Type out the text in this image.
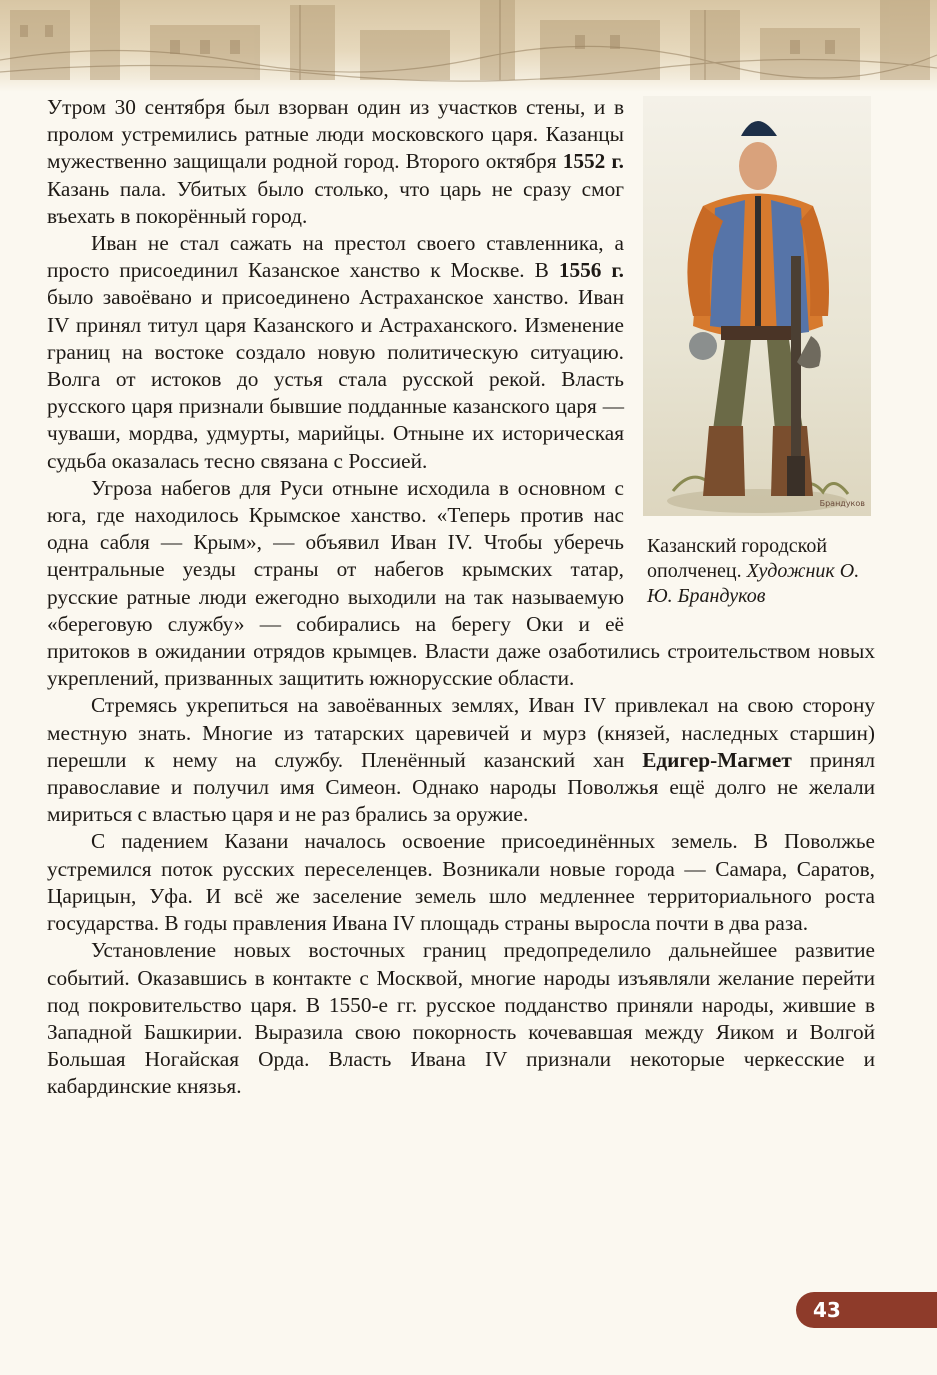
Брандуков
Казанский городской ополченец. Художник О. Ю. Брандуков

Утром 30 сентября был взорван один из участков стены, и в пролом устремились ратные люди московского царя. Казанцы мужественно защищали родной город. Второго октября 1552 г. Казань пала. Убитых было столько, что царь не сразу смог въехать в покорённый город.

Иван не стал сажать на престол своего ставленника, а просто присоединил Казанское ханство к Москве. В 1556 г. было завоёвано и присоединено Астраханское ханство. Иван IV принял титул царя Казанского и Астраханского. Изменение границ на востоке создало новую политическую ситуацию. Волга от истоков до устья стала русской рекой. Власть русского царя признали бывшие подданные казанского царя — чуваши, мордва, удмурты, марийцы. Отныне их историческая судьба оказалась тесно связана с Россией.

Угроза набегов для Руси отныне исходила в основном с юга, где находилось Крымское ханство. «Теперь против нас одна сабля — Крым», — объявил Иван IV. Чтобы уберечь центральные уезды страны от набегов крымских татар, русские ратные люди ежегодно выходили на так называемую «береговую службу» — собирались на берегу Оки и её притоков в ожидании отрядов крымцев. Власти даже озаботились строительством новых укреплений, призванных защитить южнорусские области.

Стремясь укрепиться на завоёванных землях, Иван IV привлекал на свою сторону местную знать. Многие из татарских царевичей и мурз (князей, наследных старшин) перешли к нему на службу. Пленённый казанский хан Едигер-Магмет принял православие и получил имя Симеон. Однако народы Поволжья ещё долго не желали мириться с властью царя и не раз брались за оружие.

С падением Казани началось освоение присоединённых земель. В Поволжье устремился поток русских переселенцев. Возникали новые города — Самара, Саратов, Царицын, Уфа. И всё же заселение земель шло медленнее территориального роста государства. В годы правления Ивана IV площадь страны выросла почти в два раза.

Установление новых восточных границ предопределило дальнейшее развитие событий. Оказавшись в контакте с Москвой, многие народы изъявляли желание перейти под покровительство царя. В 1550-е гг. русское подданство приняли народы, жившие в Западной Башкирии. Выразила свою покорность кочевавшая между Яиком и Волгой Большая Ногайская Орда. Власть Ивана IV признали некоторые черкесские и кабардинские князья.

43
